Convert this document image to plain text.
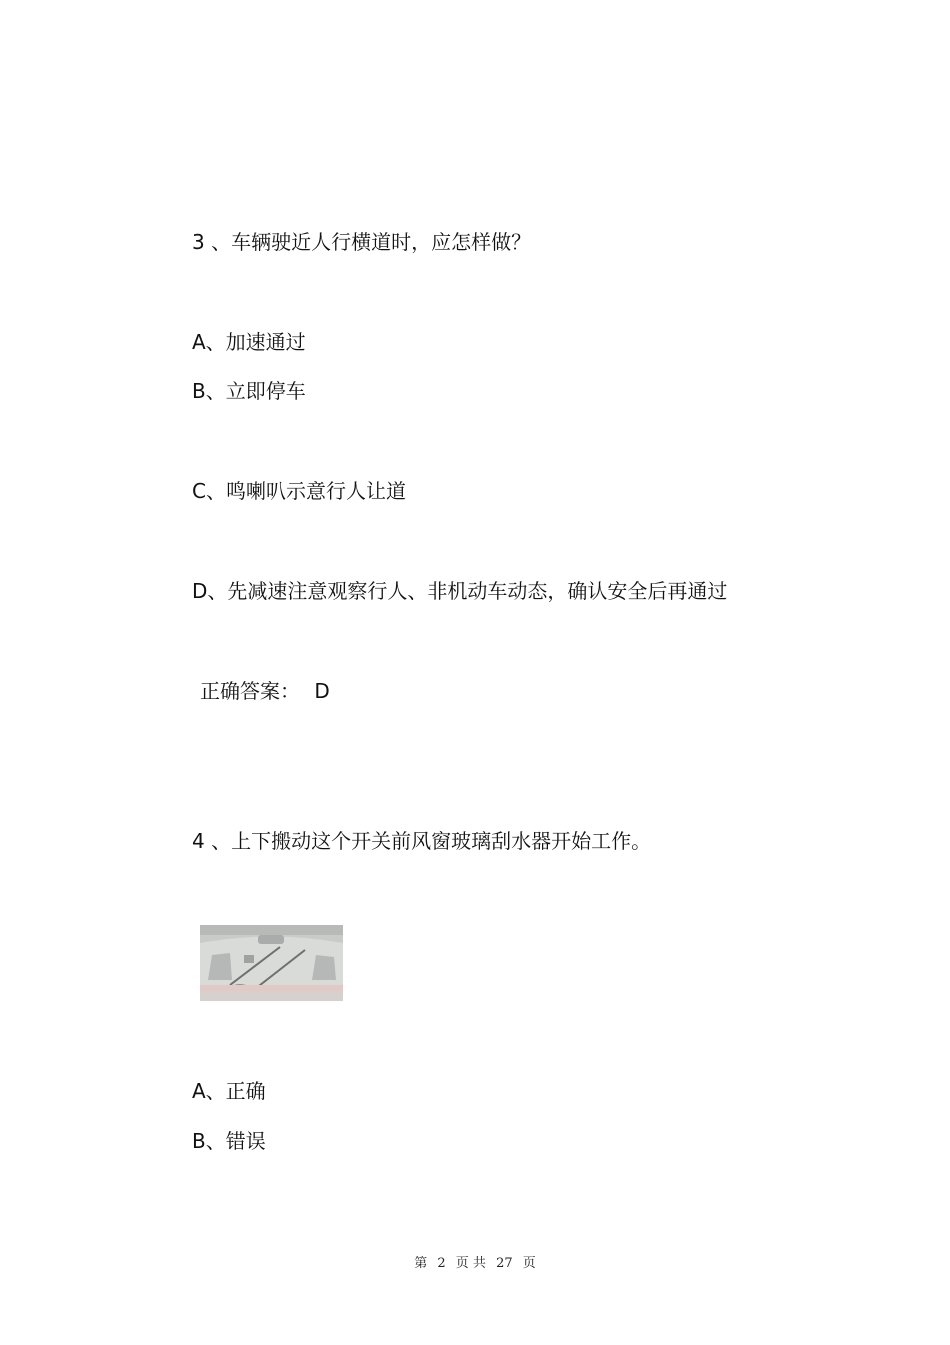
3 、车辆驶近人行横道时，应怎样做？
A、加速通过
B、立即停车
C、鸣喇叭示意行人让道
D、先减速注意观察行人、非机动车动态，确认安全后再通过
正确答案： D
4 、上下搬动这个开关前风窗玻璃刮水器开始工作。
A、正确
B、错误
第 2 页 共 27 页
